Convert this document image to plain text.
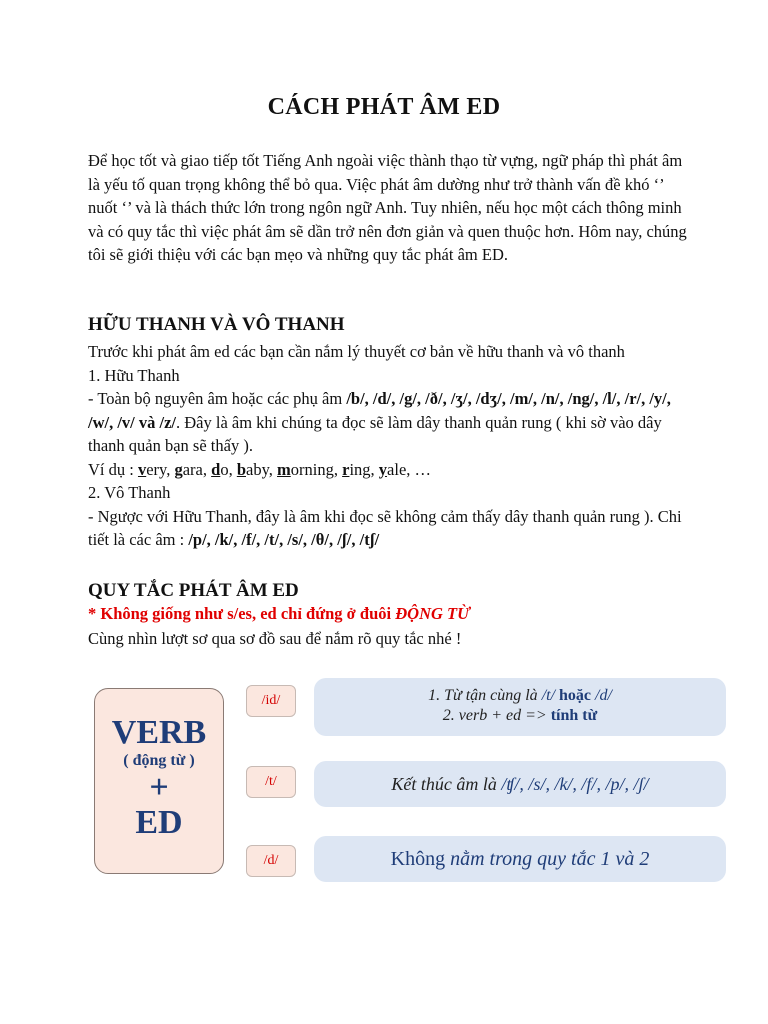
CÁCH PHÁT ÂM ED
Để học tốt và giao tiếp tốt Tiếng Anh ngoài việc thành thạo từ vựng, ngữ pháp thì phát âm là yếu tố quan trọng không thể bỏ qua. Việc phát âm dường như trở thành vấn đề khó ‘’ nuốt ‘’ và là thách thức lớn trong ngôn ngữ Anh. Tuy nhiên, nếu học một cách thông minh và có quy tắc thì việc phát âm sẽ dần trở nên đơn giản và quen thuộc hơn. Hôm nay, chúng tôi sẽ giới thiệu với các bạn mẹo và những quy tắc phát âm ED.
HỮU THANH VÀ VÔ THANH
Trước khi phát âm ed các bạn cần nắm lý thuyết cơ bản về hữu thanh và vô thanh
1. Hữu Thanh
- Toàn bộ nguyên âm hoặc các phụ âm /b/, /d/, /g/, /ð/, /ʒ/, /dʒ/, /m/, /n/, /ng/, /l/, /r/, /y/, /w/, /v/ và /z/. Đây là âm khi chúng ta đọc sẽ làm dây thanh quản rung ( khi sờ vào dây thanh quản bạn sẽ thấy ).
Ví dụ : very, gara, do, baby, morning, ring, yale, …
2. Vô Thanh
- Ngược với Hữu Thanh, đây là âm khi đọc sẽ không cảm thấy dây thanh quản rung ). Chi tiết là các âm : /p/, /k/, /f/, /t/, /s/, /θ/, /ʃ/, /tʃ/
QUY TẮC PHÁT ÂM ED
* Không giống như s/es, ed chỉ đứng ở đuôi ĐỘNG TỪ
Cùng nhìn lượt sơ qua sơ đồ sau để nắm rõ quy tắc nhé !
VERB
( động từ )
+
ED
/id/
/t/
/d/
1. Từ tận cùng là /t/ hoặc /d/
2. verb + ed => tính từ
Kết thúc âm là /ʧ/, /s/, /k/, /f/, /p/, /ʃ/
Không nằm trong quy tắc 1 và 2
